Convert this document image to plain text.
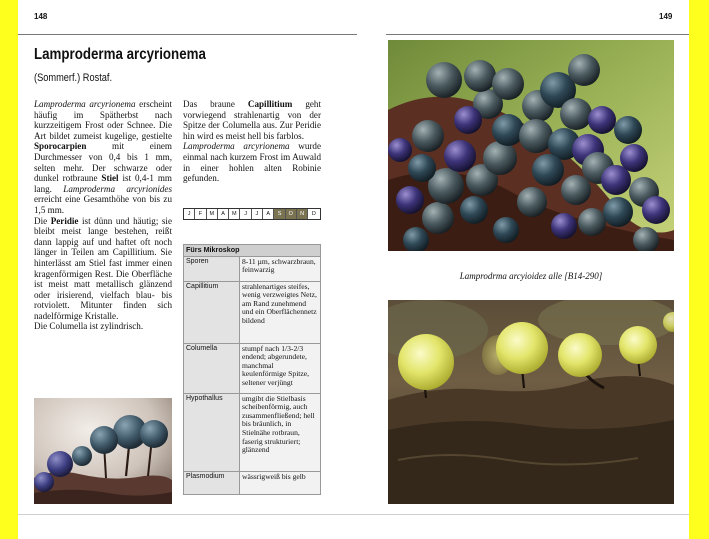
148	149
Lamproderma arcyrionema
(Sommerf.) Rostaf.

Lamproderma arcyrionema erscheint häufig im Spätherbst nach kurzzeitigem Frost oder Schnee. Die Art bildet zumeist kugelige, gestielte Sporocarpien mit einem Durchmesser von 0,4 bis 1 mm, selten mehr. Der schwarze oder dunkel rotbraune Stiel ist 0,4-1 mm lang. Lamproderma arcyrionides erreicht eine Gesamthöhe von bis zu 1,5 mm.

Die Peridie ist dünn und häutig; sie bleibt meist lange bestehen, reißt dann lappig auf und haftet oft noch länger in Teilen am Capillitium. Sie hinterlässt am Stiel fast immer einen kragenförmigen Rest. Die Oberfläche ist meist matt metallisch glänzend oder irisierend, vielfach blau- bis rotviolett. Mitunter finden sich nadelförmige Kristalle.

Die Columella ist zylindrisch.

Das braune Capillitium geht vorwiegend strahlenartig von der Spitze der Columella aus. Zur Peridie hin wird es meist hell bis farblos.

Lamproderma arcyrionema wurde einmal nach kurzem Frost im Auwald in einer hohlen alten Robinie gefunden.

J	F	M	A	M	J	J	A	S	O	N	D
Fürs Mikroskop	
Sporen	8-11 µm, schwarzbraun, feinwarzig
Capillitium	strahlenartiges steifes, wenig verzweigtes Netz, am Rand zunehmend und ein Oberflächennetz bildend
Columella	stumpf nach 1/3-2/3 endend; abgerundete, manchmal keulenförmige Spitze, seltener verjüngt
Hypothallus	umgibt die Stielbasis scheibenförmig, auch zusammenfließend; hell bis bräunlich, in Stielnähe rotbraun, faserig strukturiert; glänzend
Plasmodium	wässrigweiß bis gelb
Lamprodrma arcyioidez alle [B14-290]
